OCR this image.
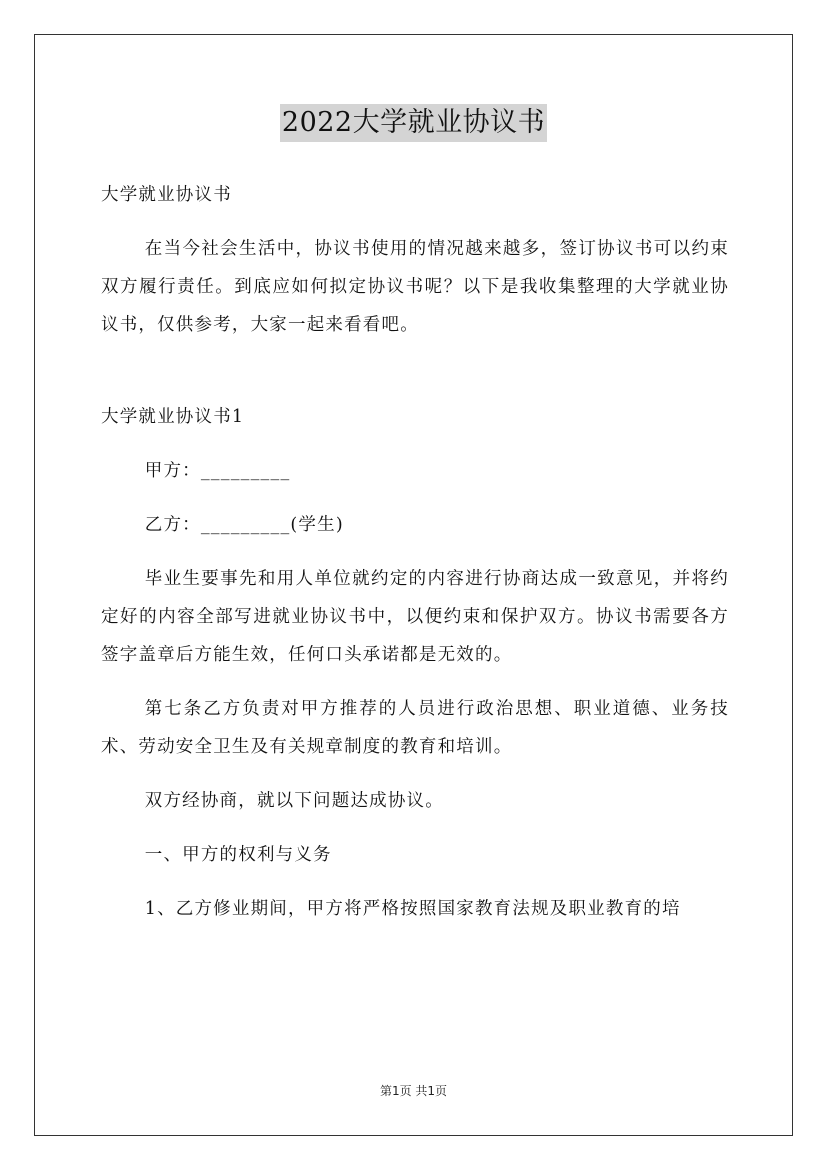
2022大学就业协议书

大学就业协议书

在当今社会生活中，协议书使用的情况越来越多，签订协议书可以约束双方履行责任。到底应如何拟定协议书呢？以下是我收集整理的大学就业协议书，仅供参考，大家一起来看看吧。

大学就业协议书1

甲方：_________

乙方：_________(学生)

毕业生要事先和用人单位就约定的内容进行协商达成一致意见，并将约定好的内容全部写进就业协议书中，以便约束和保护双方。协议书需要各方签字盖章后方能生效，任何口头承诺都是无效的。

第七条乙方负责对甲方推荐的人员进行政治思想、职业道德、业务技术、劳动安全卫生及有关规章制度的教育和培训。

双方经协商，就以下问题达成协议。

一、甲方的权利与义务

1、乙方修业期间，甲方将严格按照国家教育法规及职业教育的培

第1页 共1页
